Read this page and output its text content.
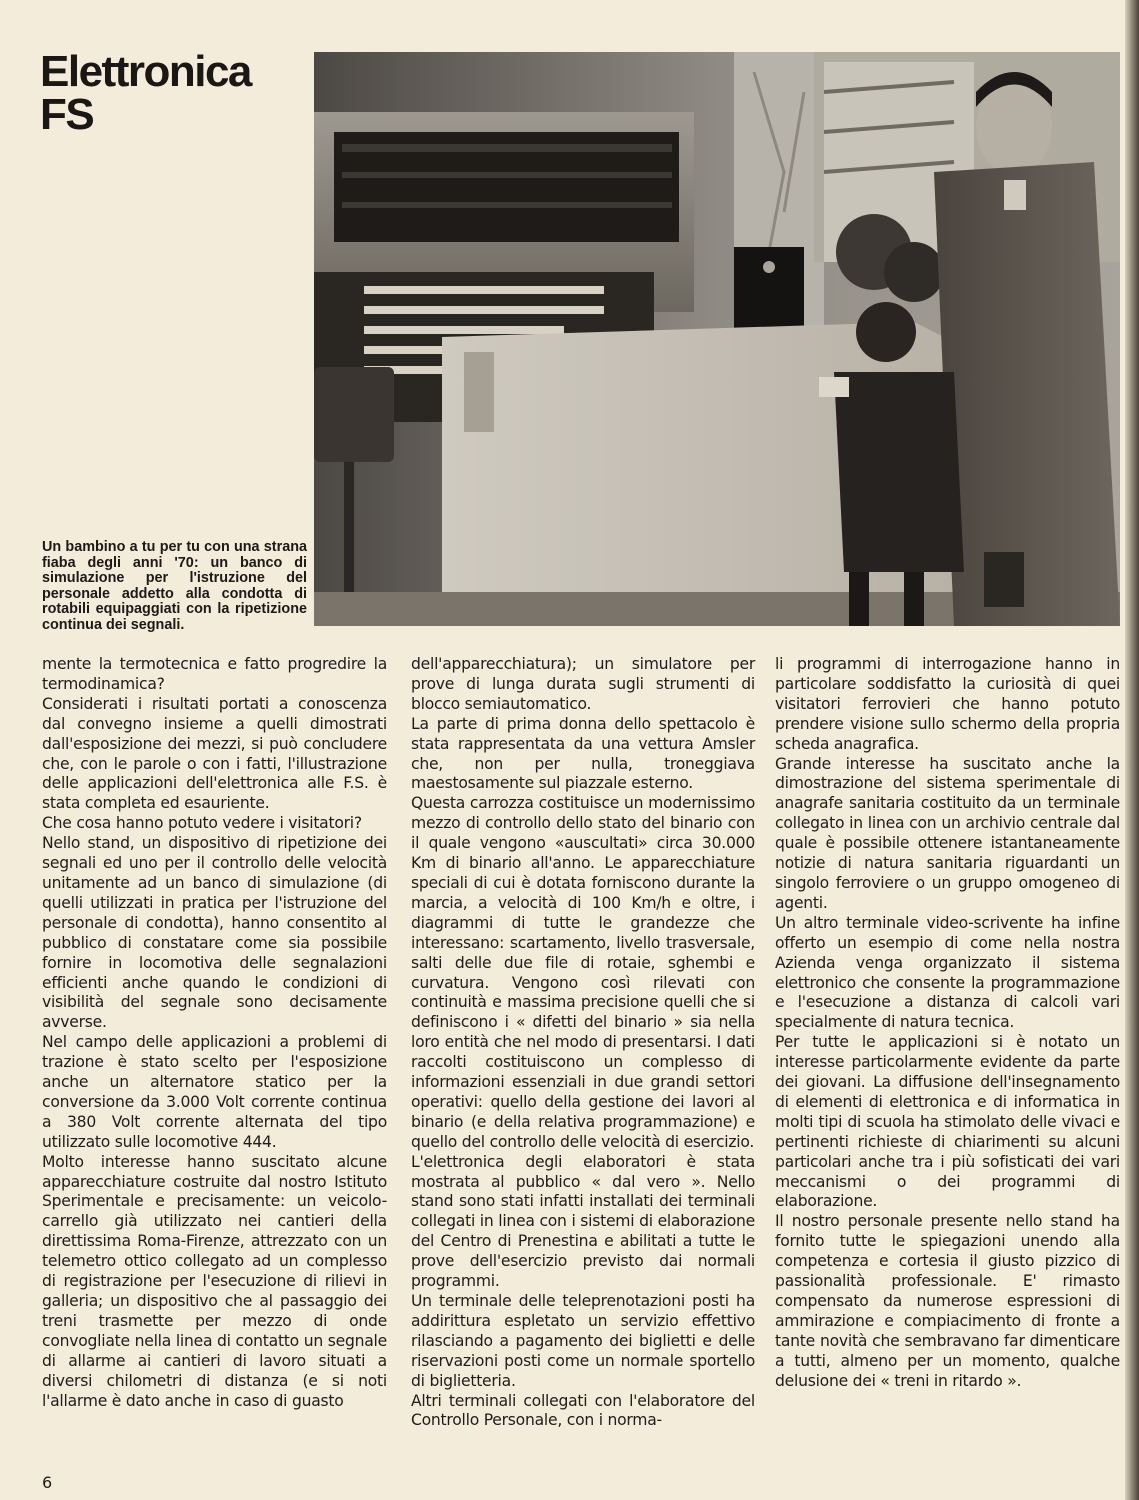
Elettronica
FS

Un bambino a tu per tu con una strana fiaba degli anni '70: un banco di simulazione per l'istruzione del personale addetto alla condotta di rotabili equipaggiati con la ripetizione continua dei segnali.

mente la termotecnica e fatto progredire la termodinamica?

Considerati i risultati portati a conoscenza dal convegno insieme a quelli dimostrati dall'esposizione dei mezzi, si può concludere che, con le parole o con i fatti, l'illustrazione delle applicazioni dell'elettronica alle F.S. è stata completa ed esauriente.

Che cosa hanno potuto vedere i visitatori?

Nello stand, un dispositivo di ripetizione dei segnali ed uno per il controllo delle velocità unitamente ad un banco di simulazione (di quelli utilizzati in pratica per l'istruzione del personale di condotta), hanno consentito al pubblico di constatare come sia possibile fornire in locomotiva delle segnalazioni efficienti anche quando le condizioni di visibilità del segnale sono decisamente avverse.

Nel campo delle applicazioni a problemi di trazione è stato scelto per l'esposizione anche un alternatore statico per la conversione da 3.000 Volt corrente continua a 380 Volt corrente alternata del tipo utilizzato sulle locomotive 444.

Molto interesse hanno suscitato alcune apparecchiature costruite dal nostro Istituto Sperimentale e precisamente: un veicolo-carrello già utilizzato nei cantieri della direttissima Roma-Firenze, attrezzato con un telemetro ottico collegato ad un complesso di registrazione per l'esecuzione di rilievi in galleria; un dispositivo che al passaggio dei treni trasmette per mezzo di onde convogliate nella linea di contatto un segnale di allarme ai cantieri di lavoro situati a diversi chilometri di distanza (e si noti l'allarme è dato anche in caso di guasto

dell'apparecchiatura); un simulatore per prove di lunga durata sugli strumenti di blocco semiautomatico.

La parte di prima donna dello spettacolo è stata rappresentata da una vettura Amsler che, non per nulla, troneggiava maestosamente sul piazzale esterno.

Questa carrozza costituisce un modernissimo mezzo di controllo dello stato del binario con il quale vengono «auscultati» circa 30.000 Km di binario all'anno. Le apparecchiature speciali di cui è dotata forniscono durante la marcia, a velocità di 100 Km/h e oltre, i diagrammi di tutte le grandezze che interessano: scartamento, livello trasversale, salti delle due file di rotaie, sghembi e curvatura. Vengono così rilevati con continuità e massima precisione quelli che si definiscono i « difetti del binario » sia nella loro entità che nel modo di presentarsi. I dati raccolti costituiscono un complesso di informazioni essenziali in due grandi settori operativi: quello della gestione dei lavori al binario (e della relativa programmazione) e quello del controllo delle velocità di esercizio.

L'elettronica degli elaboratori è stata mostrata al pubblico « dal vero ». Nello stand sono stati infatti installati dei terminali collegati in linea con i sistemi di elaborazione del Centro di Prenestina e abilitati a tutte le prove dell'esercizio previsto dai normali programmi.

Un terminale delle teleprenotazioni posti ha addirittura espletato un servizio effettivo rilasciando a pagamento dei biglietti e delle riservazioni posti come un normale sportello di biglietteria.

Altri terminali collegati con l'elaboratore del Controllo Personale, con i norma-

li programmi di interrogazione hanno in particolare soddisfatto la curiosità di quei visitatori ferrovieri che hanno potuto prendere visione sullo schermo della propria scheda anagrafica.

Grande interesse ha suscitato anche la dimostrazione del sistema sperimentale di anagrafe sanitaria costituito da un terminale collegato in linea con un archivio centrale dal quale è possibile ottenere istantaneamente notizie di natura sanitaria riguardanti un singolo ferroviere o un gruppo omogeneo di agenti.

Un altro terminale video-scrivente ha infine offerto un esempio di come nella nostra Azienda venga organizzato il sistema elettronico che consente la programmazione e l'esecuzione a distanza di calcoli vari specialmente di natura tecnica.

Per tutte le applicazioni si è notato un interesse particolarmente evidente da parte dei giovani. La diffusione dell'insegnamento di elementi di elettronica e di informatica in molti tipi di scuola ha stimolato delle vivaci e pertinenti richieste di chiarimenti su alcuni particolari anche tra i più sofisticati dei vari meccanismi o dei programmi di elaborazione.

Il nostro personale presente nello stand ha fornito tutte le spiegazioni unendo alla competenza e cortesia il giusto pizzico di passionalità professionale. E' rimasto compensato da numerose espressioni di ammirazione e compiacimento di fronte a tante novità che sembravano far dimenticare a tutti, almeno per un momento, qualche delusione dei « treni in ritardo ».

6
